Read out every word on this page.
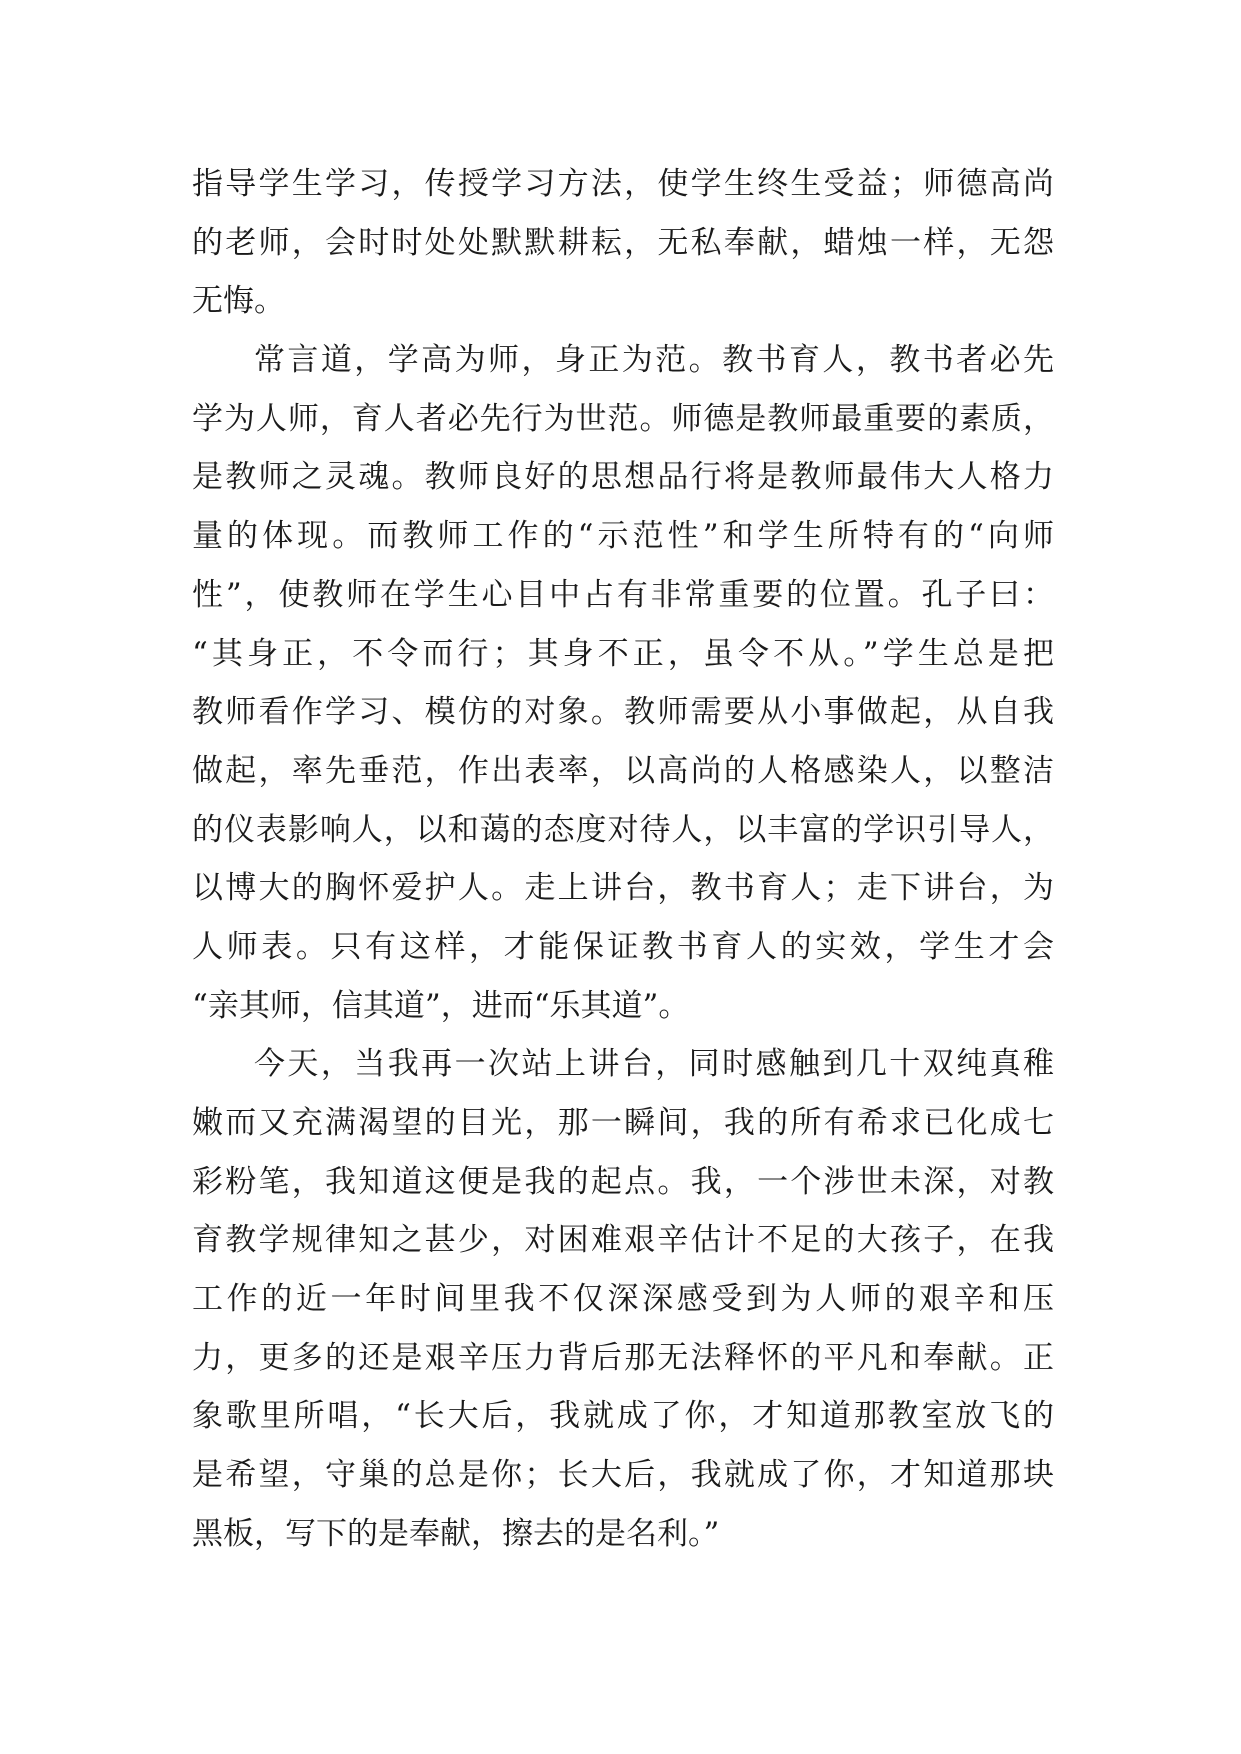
指导学生学习，传授学习方法，使学生终生受益；师德高尚
的老师，会时时处处默默耕耘，无私奉献，蜡烛一样，无怨
无悔。
常言道，学高为师，身正为范。教书育人，教书者必先
学为人师，育人者必先行为世范。师德是教师最重要的素质，
是教师之灵魂。教师良好的思想品行将是教师最伟大人格力
量的体现。而教师工作的“示范性”和学生所特有的“向师
性”，使教师在学生心目中占有非常重要的位置。孔子曰：
“其身正，不令而行；其身不正，虽令不从。”学生总是把
教师看作学习、模仿的对象。教师需要从小事做起，从自我
做起，率先垂范，作出表率，以高尚的人格感染人，以整洁
的仪表影响人，以和蔼的态度对待人，以丰富的学识引导人，
以博大的胸怀爱护人。走上讲台，教书育人；走下讲台，为
人师表。只有这样，才能保证教书育人的实效，学生才会
“亲其师，信其道”，进而“乐其道”。
今天，当我再一次站上讲台，同时感触到几十双纯真稚
嫩而又充满渴望的目光，那一瞬间，我的所有希求已化成七
彩粉笔，我知道这便是我的起点。我，一个涉世未深，对教
育教学规律知之甚少，对困难艰辛估计不足的大孩子，在我
工作的近一年时间里我不仅深深感受到为人师的艰辛和压
力，更多的还是艰辛压力背后那无法释怀的平凡和奉献。正
象歌里所唱，“长大后，我就成了你，才知道那教室放飞的
是希望，守巢的总是你；长大后，我就成了你，才知道那块
黑板，写下的是奉献，擦去的是名利。”
